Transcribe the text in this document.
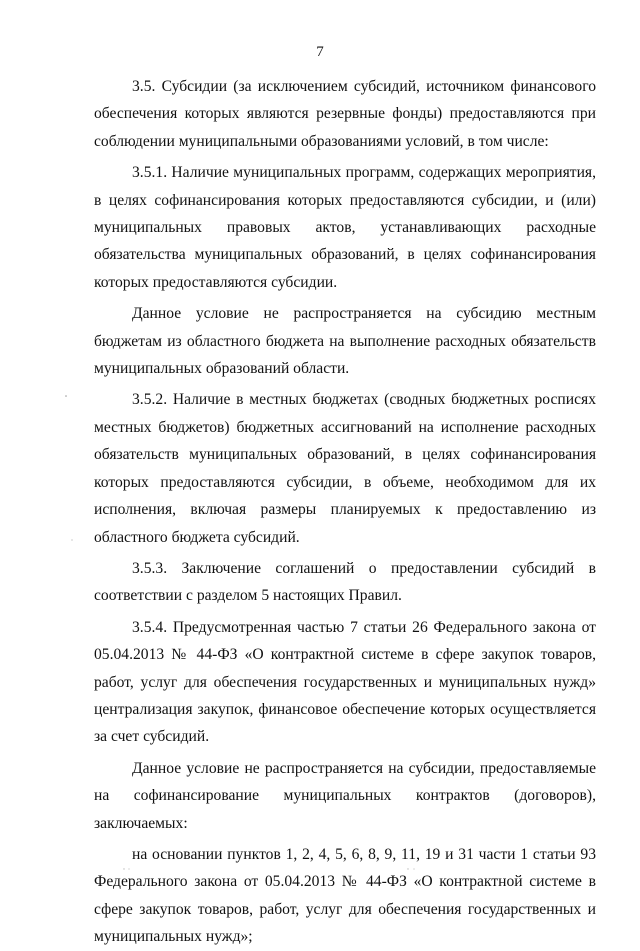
7

3.5. Субсидии (за исключением субсидий, источником финансового обеспечения которых являются резервные фонды) предоставляются при соблюдении муниципальными образованиями условий, в том числе:

3.5.1. Наличие муниципальных программ, содержащих мероприятия, в целях софинансирования которых предоставляются субсидии, и (или) муниципальных правовых актов, устанавливающих расходные обязательства муниципальных образований, в целях софинансирования которых предоставляются субсидии.

Данное условие не распространяется на субсидию местным бюджетам из областного бюджета на выполнение расходных обязательств муниципальных образований области.

3.5.2. Наличие в местных бюджетах (сводных бюджетных росписях местных бюджетов) бюджетных ассигнований на исполнение расходных обязательств муниципальных образований, в целях софинансирования которых предоставляются субсидии, в объеме, необходимом для их исполнения, включая размеры планируемых к предоставлению из областного бюджета субсидий.

3.5.3. Заключение соглашений о предоставлении субсидий в соответствии с разделом 5 настоящих Правил.

3.5.4. Предусмотренная частью 7 статьи 26 Федерального закона от 05.04.2013 № 44-ФЗ «О контрактной системе в сфере закупок товаров, работ, услуг для обеспечения государственных и муниципальных нужд» централизация закупок, финансовое обеспечение которых осуществляется за счет субсидий.

Данное условие не распространяется на субсидии, предоставляемые на софинансирование муниципальных контрактов (договоров), заключаемых:

на основании пунктов 1, 2, 4, 5, 6, 8, 9, 11, 19 и 31 части 1 статьи 93 Федерального закона от 05.04.2013 № 44-ФЗ «О контрактной системе в сфере закупок товаров, работ, услуг для обеспечения государственных и муниципальных нужд»;
